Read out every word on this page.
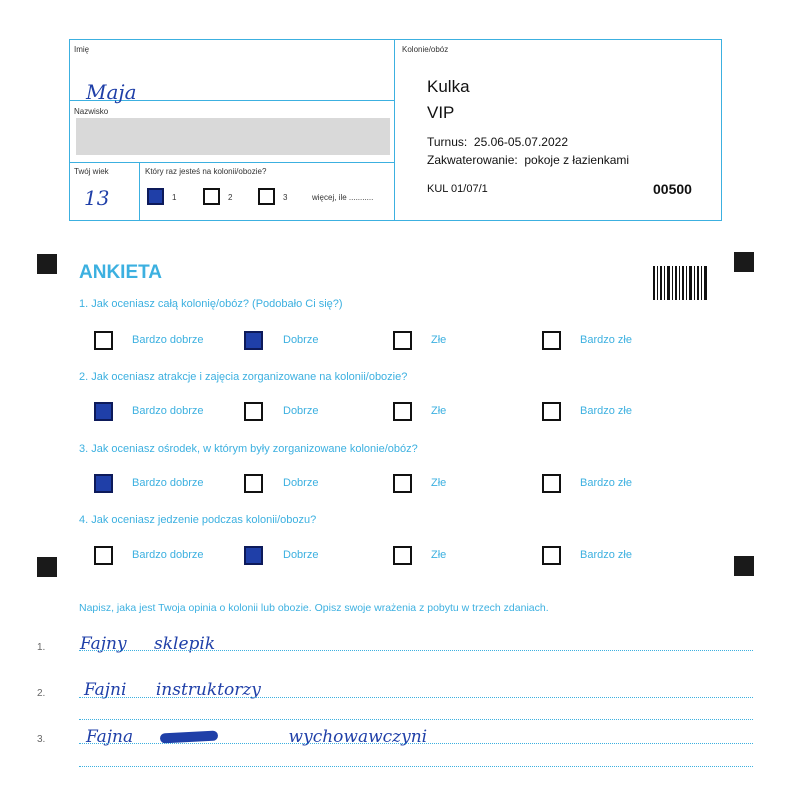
Imię
Maja
Nazwisko
Twój wiek
13
Który raz jesteś na kolonii/obozie?
1	2	3	więcej, ile ...........
Kolonie/obóz
Kulka
VIP
Turnus:  25.06-05.07.2022
Zakwaterowanie:  pokoje z łazienkami
KUL 01/07/1	00500
ANKIETA
1. Jak oceniasz całą kolonię/obóz? (Podobało Ci się?)
Bardzo dobrze	Dobrze	Złe	Bardzo złe
2. Jak oceniasz atrakcje i zajęcia zorganizowane na kolonii/obozie?
Bardzo dobrze	Dobrze	Złe	Bardzo złe
3. Jak oceniasz ośrodek, w którym były zorganizowane kolonie/obóz?
Bardzo dobrze	Dobrze	Złe	Bardzo złe
4. Jak oceniasz jedzenie podczas kolonii/obozu?
Bardzo dobrze	Dobrze	Złe	Bardzo złe
Napisz, jaka jest Twoja opinia o kolonii lub obozie. Opisz swoje wrażenia z pobytu w trzech zdaniach.
1. Fajny sklepik
2. Fajni instruktorzy
3. Fajna wychowawczyni
